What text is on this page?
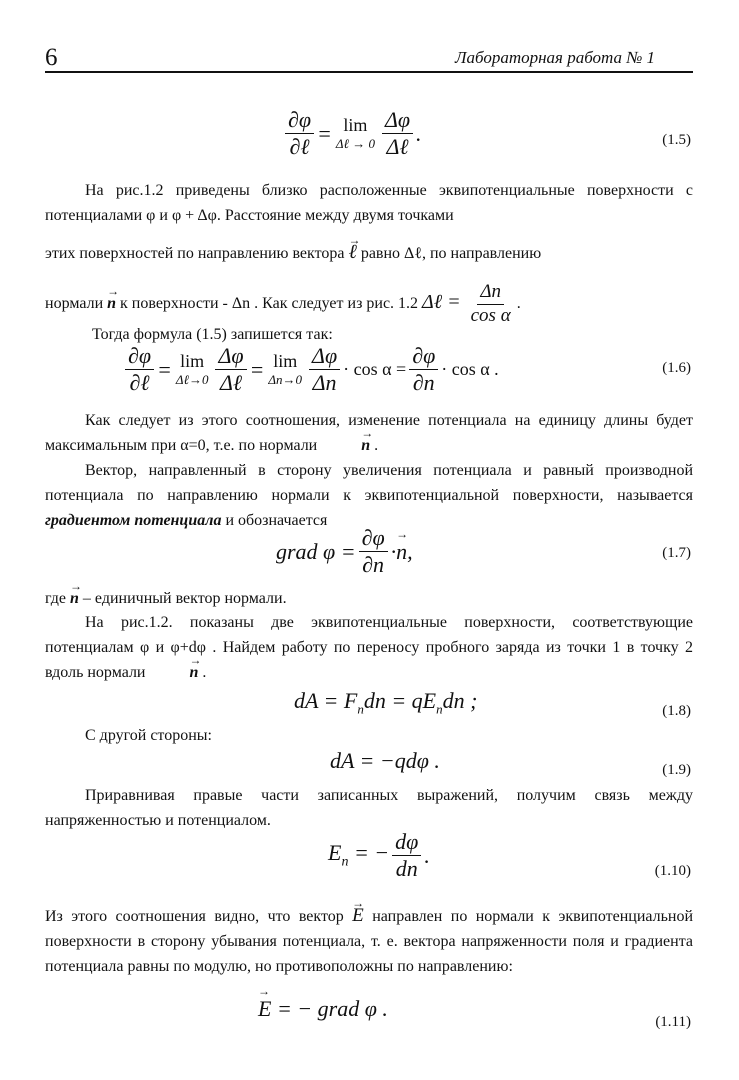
6	Лабораторная работа № 1
$\frac{\partial\varphi}{\text{∂ℓ}} = \lim$
Δℓ → $0 \frac{\Delta\varphi}{\text{Δℓ}}$ .	(1.5)
На рис.1.2 приведены близко расположенные эквипотенциальные поверхности с потенциалами φ и φ + Δφ. Расстояние между двумя точками
этих поверхностей по направлению вектора → ℓ равно Δℓ, по направлению
нормали → n к поверхности - Δn . Как следует из рис. 1.2 Δℓ = $\frac{\Delta n}{\text{cos α}}$ .
Тогда формула (1.5) запишется так:
$\frac{\partial\varphi}{\text{∂ℓ}} = \lim$
Δℓ→0 $\frac{\Delta\varphi}{\text{Δℓ}} = \lim$
$\Delta n\to 0 \frac{\Delta\varphi}{\Delta n} \cdot \cos \alpha = \frac{\partial\varphi}{\partial n} \cdot \cos \alpha$ .	(1.6)
Как следует из этого соотношения, изменение потенциала на единицу длины будет максимальным при α=0, т.е. по нормали	→ n .
Вектор, направленный в сторону увеличения потенциала и равный производной потенциала по направлению нормали к эквипотенциальной поверхности, называется градиентом потенциала и обозначается
grad $\varphi = \frac{\partial\varphi}{\partial n}$ · → n ,	(1.7)
где → n – единичный вектор нормали.
На рис.1.2. показаны две эквипотенциальные поверхности, соответствующие потенциалам φ и φ+dφ . Найдем работу по переносу пробного заряда из точки 1 в точку 2 вдоль нормали	→ n .
dA = $F_ndn = qE_ndn$ ;	(1.8)
С другой стороны:
dA = −qdφ .	(1.9)
Приравнивая правые части записанных выражений, получим связь между напряженностью и потенциалом.
$E_n$ = − $\frac{d\varphi}{dn}$ .
(1.10)
Из этого соотношения видно, что вектор → E направлен по нормали к эквипотенциальной поверхности в сторону убывания потенциала, т. е. вектора напряженности поля и градиента потенциала равны по модулю, но противоположны по направлению:
→ E = − grad φ .
(1.11)
